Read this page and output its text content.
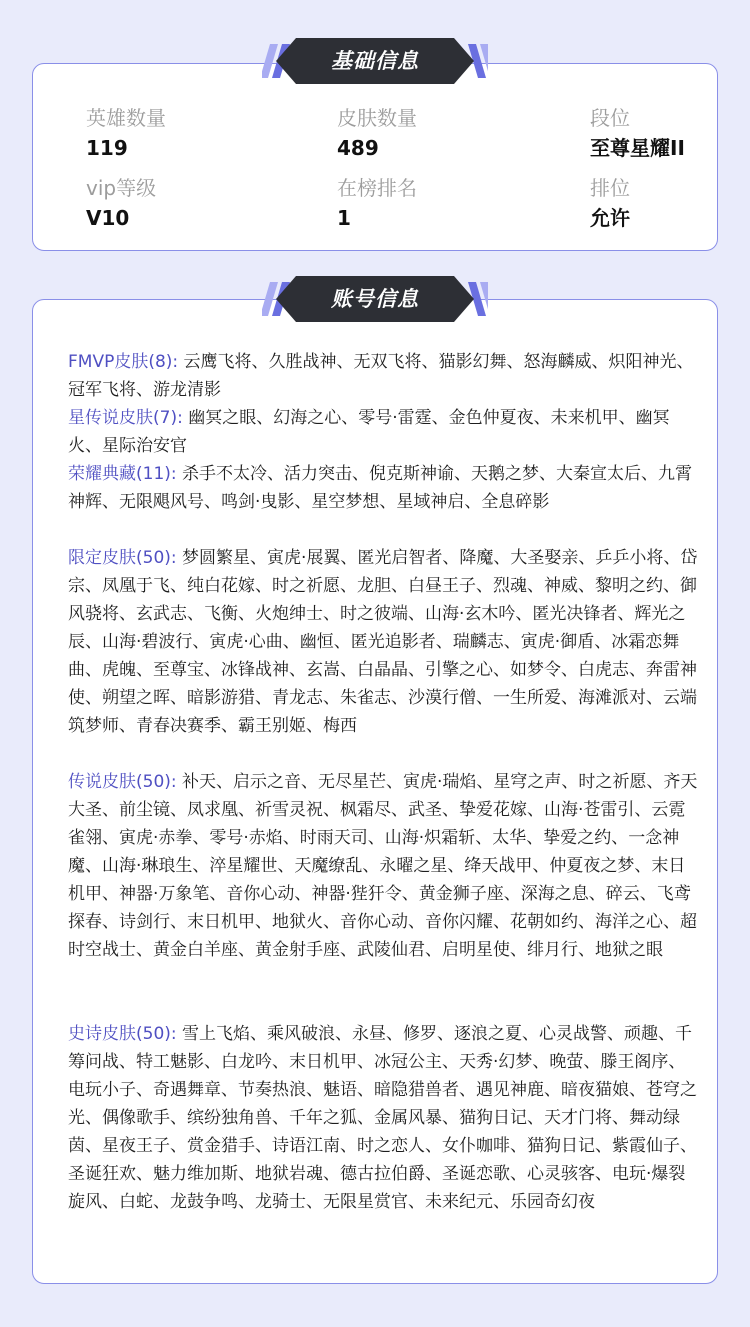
基础信息
英雄数量
119
皮肤数量
489
段位
至尊星耀II
vip等级
V10
在榜排名
1
排位
允许
账号信息
FMVP皮肤(8): 云鹰飞将、久胜战神、无双飞将、猫影幻舞、怒海麟威、炽阳神光、冠军飞将、游龙清影
星传说皮肤(7): 幽冥之眼、幻海之心、零号·雷霆、金色仲夏夜、未来机甲、幽冥火、星际治安官
荣耀典藏(11): 杀手不太冷、活力突击、倪克斯神谕、天鹅之梦、大秦宣太后、九霄神辉、无限飓风号、鸣剑·曳影、星空梦想、星域神启、全息碎影
限定皮肤(50): 梦圆繁星、寅虎·展翼、匿光启智者、降魔、大圣娶亲、乒乒小将、岱宗、凤凰于飞、纯白花嫁、时之祈愿、龙胆、白昼王子、烈魂、神威、黎明之约、御风骁将、玄武志、飞衡、火炮绅士、时之彼端、山海·玄木吟、匿光决锋者、辉光之辰、山海·碧波行、寅虎·心曲、幽恒、匿光追影者、瑞麟志、寅虎·御盾、冰霜恋舞曲、虎魄、至尊宝、冰锋战神、玄嵩、白晶晶、引擎之心、如梦令、白虎志、奔雷神使、朔望之晖、暗影游猎、青龙志、朱雀志、沙漠行僧、一生所爱、海滩派对、云端筑梦师、青春决赛季、霸王别姬、梅西
传说皮肤(50): 补天、启示之音、无尽星芒、寅虎·瑞焰、星穹之声、时之祈愿、齐天大圣、前尘镜、凤求凰、祈雪灵祝、枫霜尽、武圣、挚爱花嫁、山海·苍雷引、云霓雀翎、寅虎·赤拳、零号·赤焰、时雨天司、山海·炽霜斩、太华、挚爱之约、一念神魔、山海·琳琅生、淬星耀世、天魔缭乱、永曜之星、绛天战甲、仲夏夜之梦、末日机甲、神器·万象笔、音你心动、神器·狴犴令、黄金狮子座、深海之息、碎云、飞鸢探春、诗剑行、末日机甲、地狱火、音你心动、音你闪耀、花朝如约、海洋之心、超时空战士、黄金白羊座、黄金射手座、武陵仙君、启明星使、绯月行、地狱之眼
史诗皮肤(50): 雪上飞焰、乘风破浪、永昼、修罗、逐浪之夏、心灵战警、顽趣、千筹问战、特工魅影、白龙吟、末日机甲、冰冠公主、天秀·幻梦、晚萤、滕王阁序、电玩小子、奇遇舞章、节奏热浪、魅语、暗隐猎兽者、遇见神鹿、暗夜猫娘、苍穹之光、偶像歌手、缤纷独角兽、千年之狐、金属风暴、猫狗日记、天才门将、舞动绿茵、星夜王子、赏金猎手、诗语江南、时之恋人、女仆咖啡、猫狗日记、紫霞仙子、圣诞狂欢、魅力维加斯、地狱岩魂、德古拉伯爵、圣诞恋歌、心灵骇客、电玩·爆裂旋风、白蛇、龙鼓争鸣、龙骑士、无限星赏官、未来纪元、乐园奇幻夜
